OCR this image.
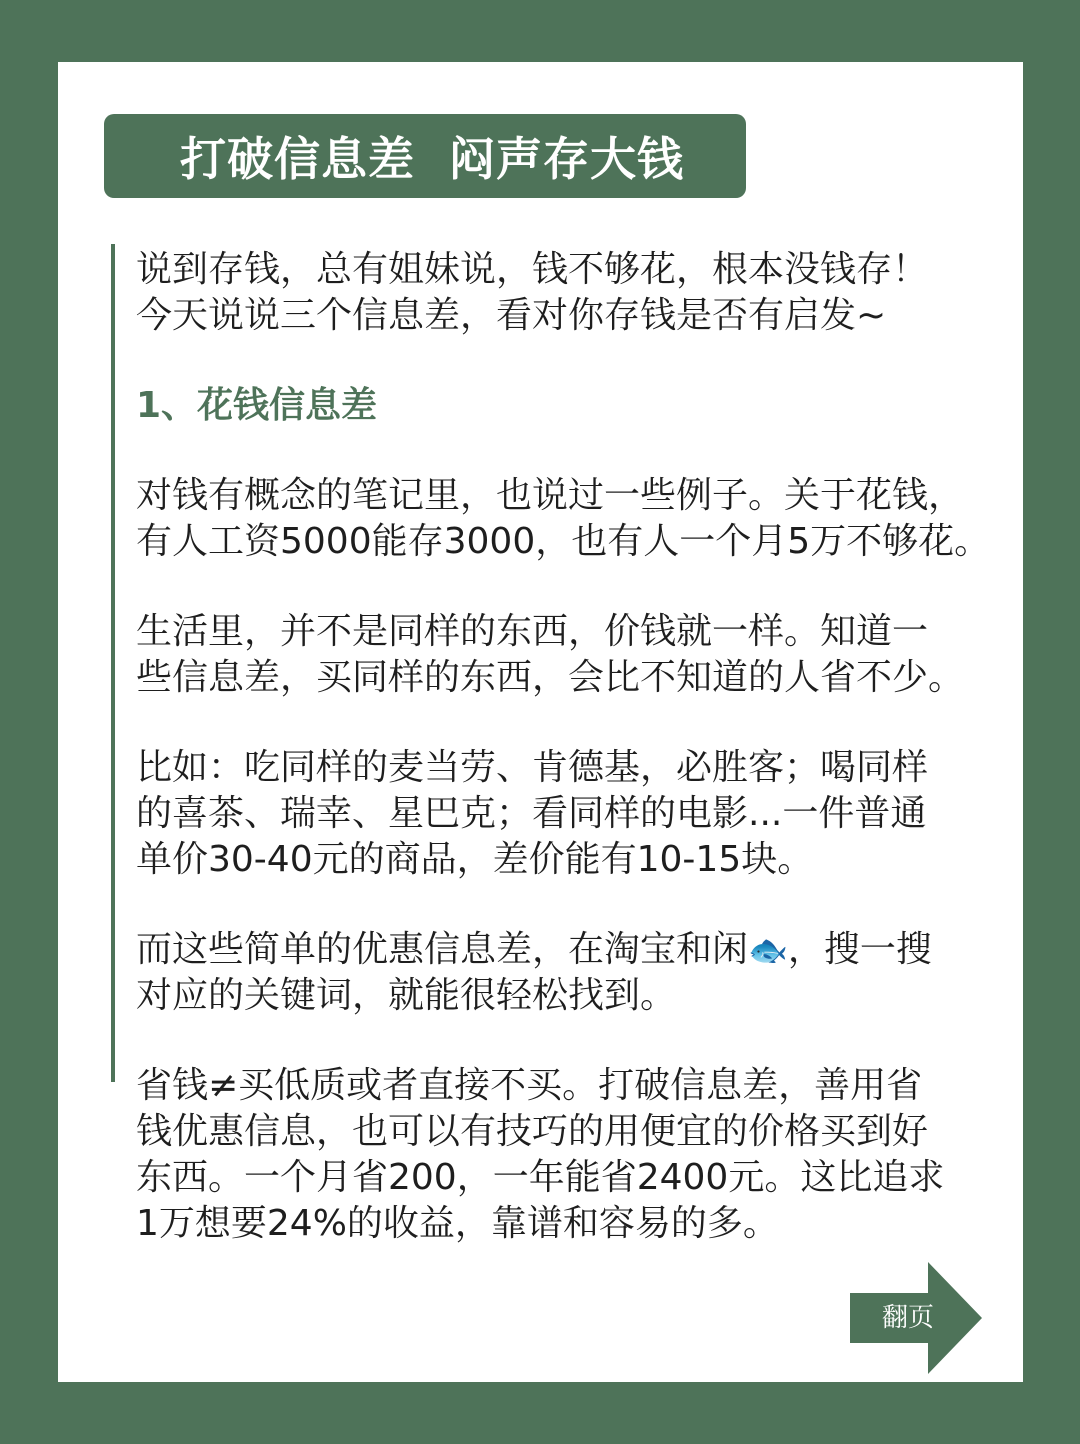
打破信息差  闷声存大钱

说到存钱，总有姐妹说，钱不够花，根本没钱存！
今天说说三个信息差，看对你存钱是否有启发~

1、花钱信息差

对钱有概念的笔记里，也说过一些例子。关于花钱，
有人工资5000能存3000，也有人一个月5万不够花。

生活里，并不是同样的东西，价钱就一样。知道一
些信息差，买同样的东西，会比不知道的人省不少。

比如：吃同样的麦当劳、肯德基，必胜客；喝同样
的喜茶、瑞幸、星巴克；看同样的电影...一件普通
单价30-40元的商品，差价能有10-15块。

而这些简单的优惠信息差，在淘宝和闲🐟，搜一搜
对应的关键词，就能很轻松找到。

省钱≠买低质或者直接不买。打破信息差，善用省
钱优惠信息，也可以有技巧的用便宜的价格买到好
东西。一个月省200，一年能省2400元。这比追求
1万想要24%的收益，靠谱和容易的多。

翻页
